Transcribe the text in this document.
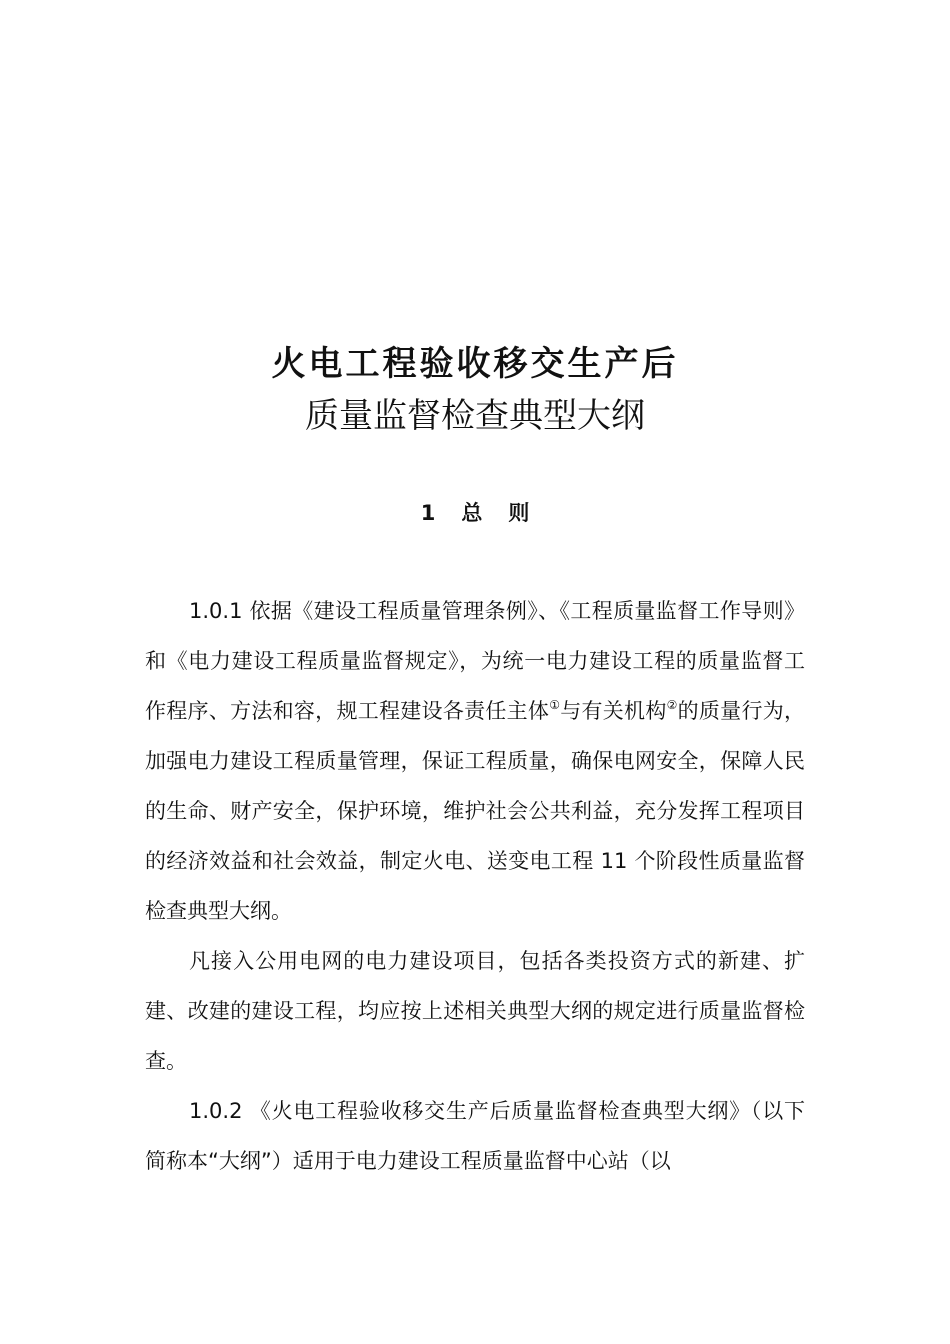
火电工程验收移交生产后
质量监督检查典型大纲
1 总 则

1.0.1 依据《建设工程质量管理条例》、《工程质量监督工作导则》和《电力建设工程质量监督规定》，为统一电力建设工程的质量监督工作程序、方法和容，规工程建设各责任主体①与有关机构②的质量行为，加强电力建设工程质量管理，保证工程质量，确保电网安全，保障人民的生命、财产安全，保护环境，维护社会公共利益，充分发挥工程项目的经济效益和社会效益，制定火电、送变电工程 11 个阶段性质量监督检查典型大纲。

凡接入公用电网的电力建设项目，包括各类投资方式的新建、扩建、改建的建设工程，均应按上述相关典型大纲的规定进行质量监督检查。

1.0.2 《火电工程验收移交生产后质量监督检查典型大纲》（以下简称本“大纲”）适用于电力建设工程质量监督中心站（以
